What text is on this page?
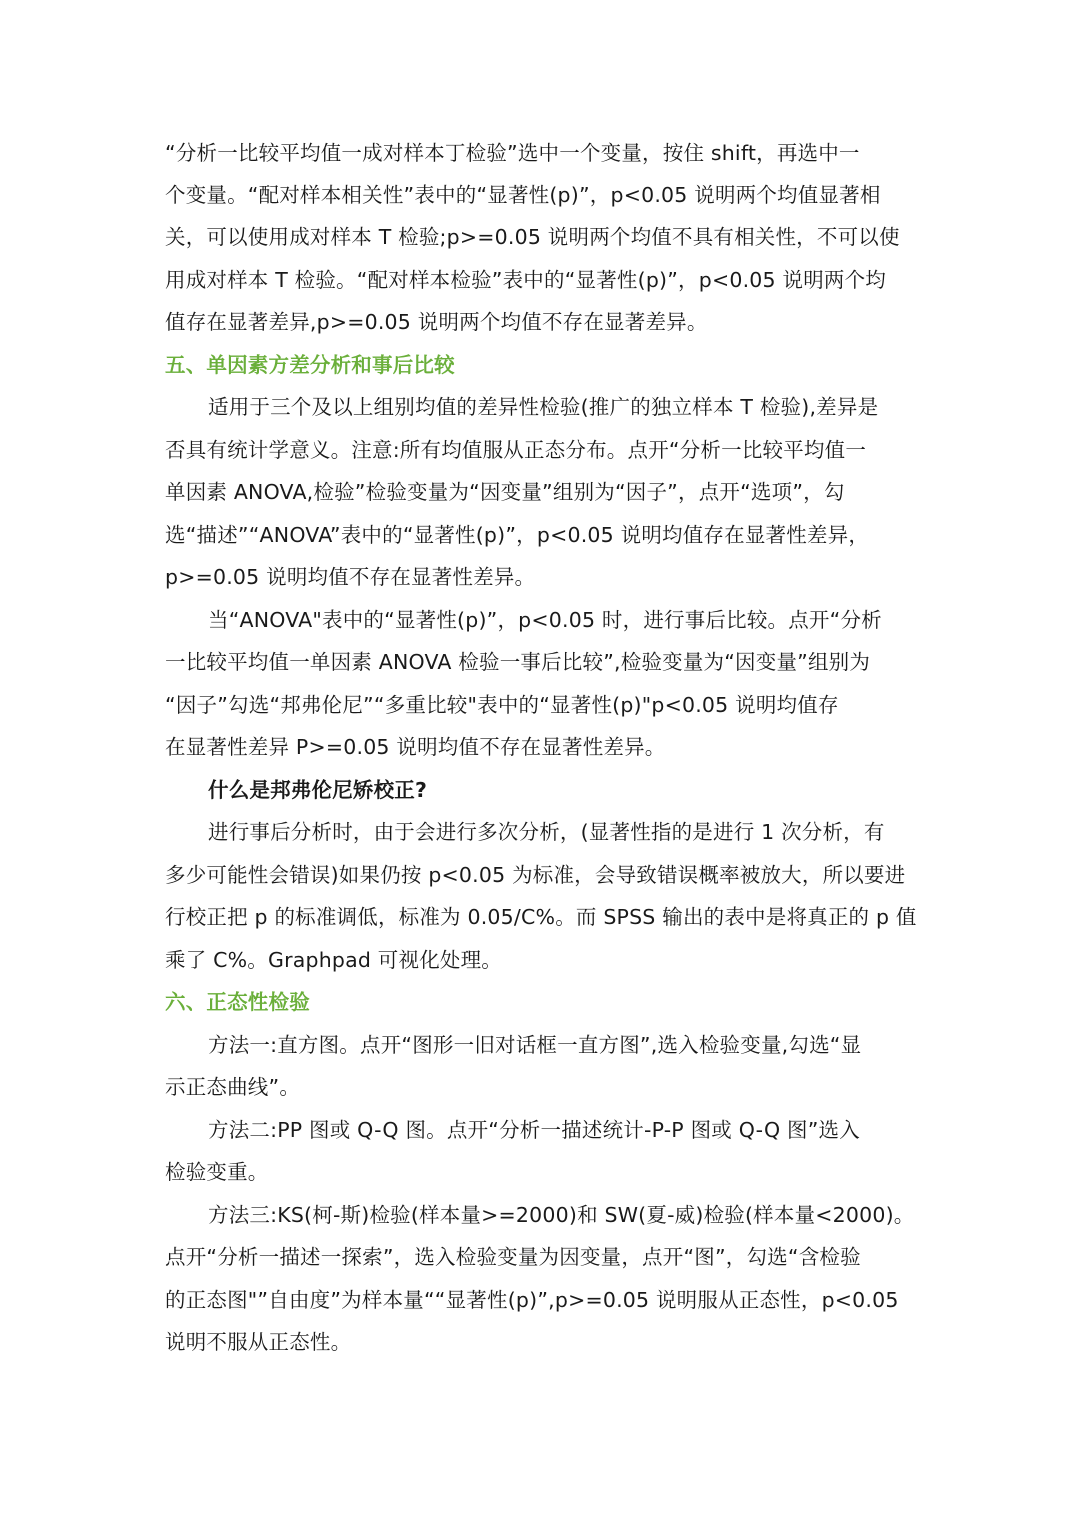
“分析一比较平均值一成对样本丁检验”选中一个变量，按住 shift，再选中一
个变量。“配对样本相关性”表中的“显著性(p)”，p<0.05 说明两个均值显著相
关，可以使用成对样本 T 检验;p>=0.05 说明两个均值不具有相关性，不可以使
用成对样本 T 检验。“配对样本检验”表中的“显著性(p)”，p<0.05 说明两个均
值存在显著差异,p>=0.05 说明两个均值不存在显著差异。
五、单因素方差分析和事后比较
适用于三个及以上组别均值的差异性检验(推广的独立样本 T 检验),差异是
否具有统计学意义。注意:所有均值服从正态分布。点开“分析一比较平均值一
单因素 ANOVA,检验”检验变量为“因变量”组别为“因子”，点开“选项”，勾
选“描述”“ANOVA”表中的“显著性(p)”，p<0.05 说明均值存在显著性差异，
p>=0.05 说明均值不存在显著性差异。
当“ANOVA"表中的“显著性(p)”，p<0.05 时，进行事后比较。点开“分析
一比较平均值一单因素 ANOVA 检验一事后比较”,检验变量为“因变量”组别为
“因子”勾选“邦弗伦尼”“多重比较"表中的“显著性(p)"p<0.05 说明均值存
在显著性差异 P>=0.05 说明均值不存在显著性差异。
什么是邦弗伦尼矫校正?
进行事后分析时，由于会进行多次分析，(显著性指的是进行 1 次分析，有
多少可能性会错误)如果仍按 p<0.05 为标准，会导致错误概率被放大，所以要进
行校正把 p 的标准调低，标准为 0.05/C%。而 SPSS 输出的表中是将真正的 p 值
乘了 C%。Graphpad 可视化处理。
六、正态性检验
方法一:直方图。点开“图形一旧对话框一直方图”,选入检验变量,勾选“显
示正态曲线”。
方法二:PP 图或 Q-Q 图。点开“分析一描述统计-P-P 图或 Q-Q 图”选入
检验变重。
方法三:KS(柯-斯)检验(样本量>=2000)和 SW(夏-威)检验(样本量<2000)。
点开“分析一描述一探索”，选入检验变量为因变量，点开“图”，勾选“含检验
的正态图"”自由度”为样本量““显著性(p)”,p>=0.05 说明服从正态性，p<0.05
说明不服从正态性。
